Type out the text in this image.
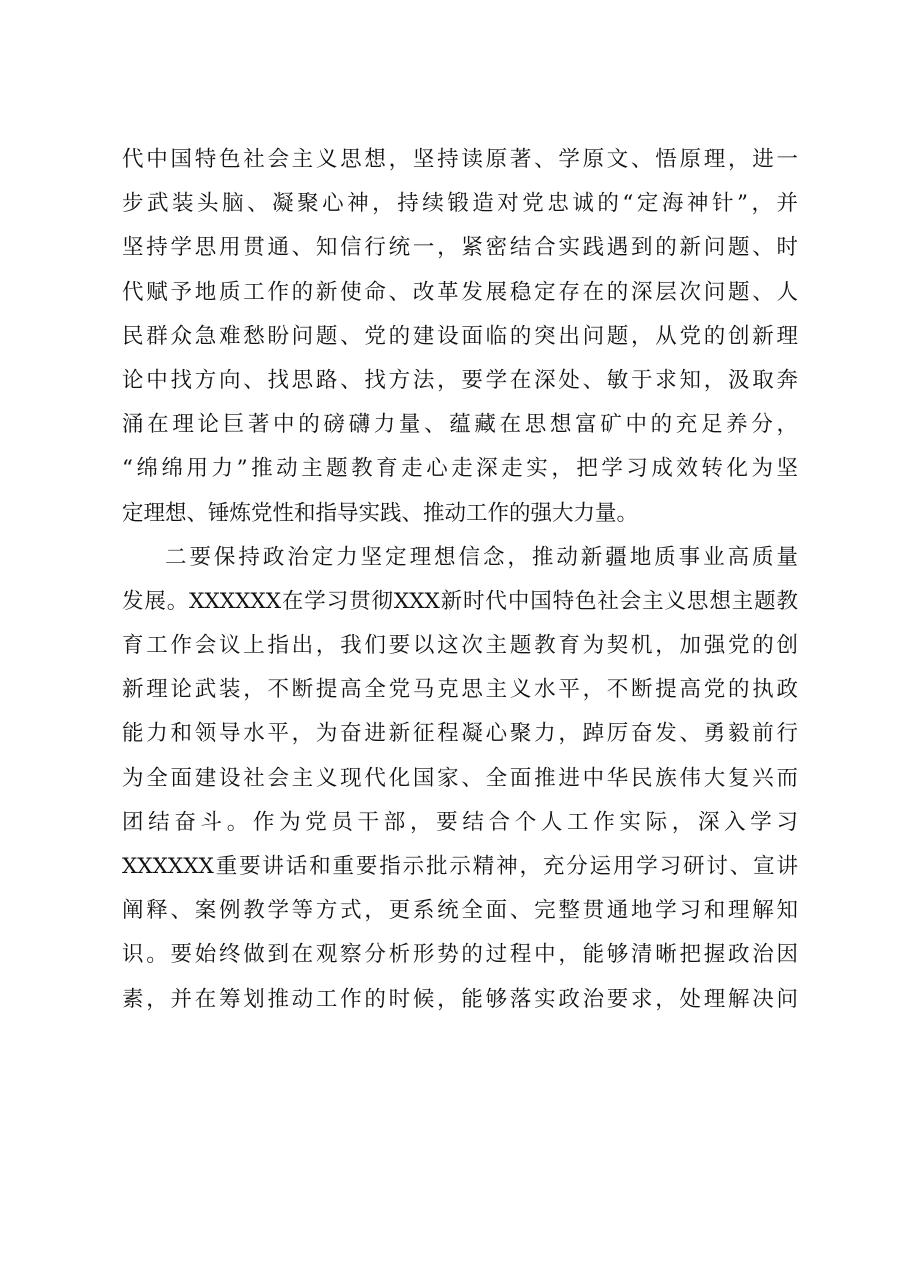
代中国特色社会主义思想，坚持读原著、学原文、悟原理，进一
步武装头脑、凝聚心神，持续锻造对党忠诚的“定海神针”，并
坚持学思用贯通、知信行统一，紧密结合实践遇到的新问题、时
代赋予地质工作的新使命、改革发展稳定存在的深层次问题、人
民群众急难愁盼问题、党的建设面临的突出问题，从党的创新理
论中找方向、找思路、找方法，要学在深处、敏于求知，汲取奔
涌在理论巨著中的磅礴力量、蕴藏在思想富矿中的充足养分，
“绵绵用力”推动主题教育走心走深走实，把学习成效转化为坚
定理想、锤炼党性和指导实践、推动工作的强大力量。
二要保持政治定力坚定理想信念，推动新疆地质事业高质量
发展。XXXXXX在学习贯彻XXX新时代中国特色社会主义思想主题教
育工作会议上指出，我们要以这次主题教育为契机，加强党的创
新理论武装，不断提高全党马克思主义水平，不断提高党的执政
能力和领导水平，为奋进新征程凝心聚力，踔厉奋发、勇毅前行
为全面建设社会主义现代化国家、全面推进中华民族伟大复兴而
团结奋斗。作为党员干部，要结合个人工作实际，深入学习
XXXXXX重要讲话和重要指示批示精神，充分运用学习研讨、宣讲
阐释、案例教学等方式，更系统全面、完整贯通地学习和理解知
识。要始终做到在观察分析形势的过程中，能够清晰把握政治因
素，并在筹划推动工作的时候，能够落实政治要求，处理解决问
